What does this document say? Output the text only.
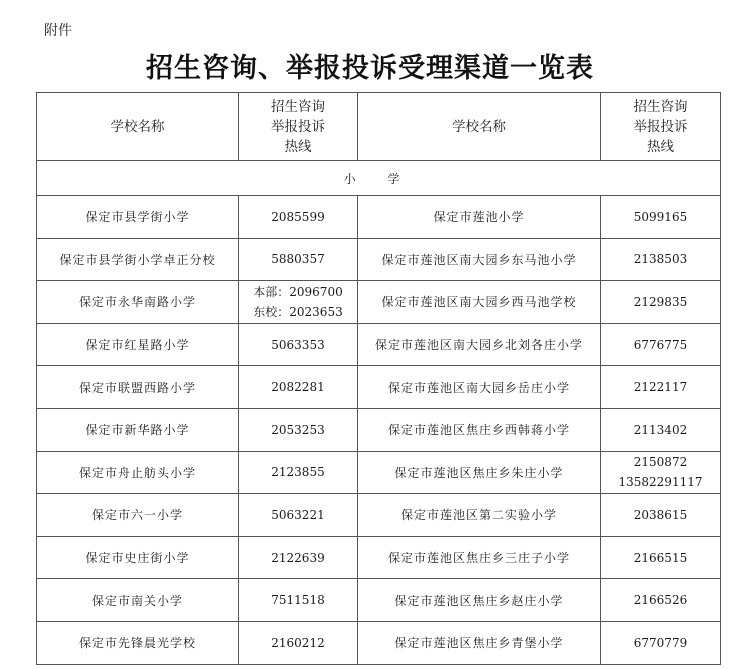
附件
招生咨询、举报投诉受理渠道一览表
学校名称	招生咨询
举报投诉
热线	学校名称	招生咨询
举报投诉
热线

小 学			
保定市县学街小学	2085599	保定市莲池小学	5099165

保定市县学街小学卓正分校	5880357	保定市莲池区南大园乡东马池小学	2138503

保定市永华南路小学	本部：2096700
东校：2023653	保定市莲池区南大园乡西马池学校	2129835

保定市红星路小学	5063353	保定市莲池区南大园乡北刘各庄小学	6776775

保定市联盟西路小学	2082281	保定市莲池区南大园乡岳庄小学	2122117

保定市新华路小学	2053253	保定市莲池区焦庄乡西韩蒋小学	2113402

保定市舟止舫头小学	2123855	保定市莲池区焦庄乡朱庄小学	2150872
13582291117

保定市六一小学	5063221	保定市莲池区第二实验小学	2038615

保定市史庄街小学	2122639	保定市莲池区焦庄乡三庄子小学	2166515

保定市南关小学	7511518	保定市莲池区焦庄乡赵庄小学	2166526

保定市先锋晨光学校	2160212	保定市莲池区焦庄乡青堡小学	6770779
